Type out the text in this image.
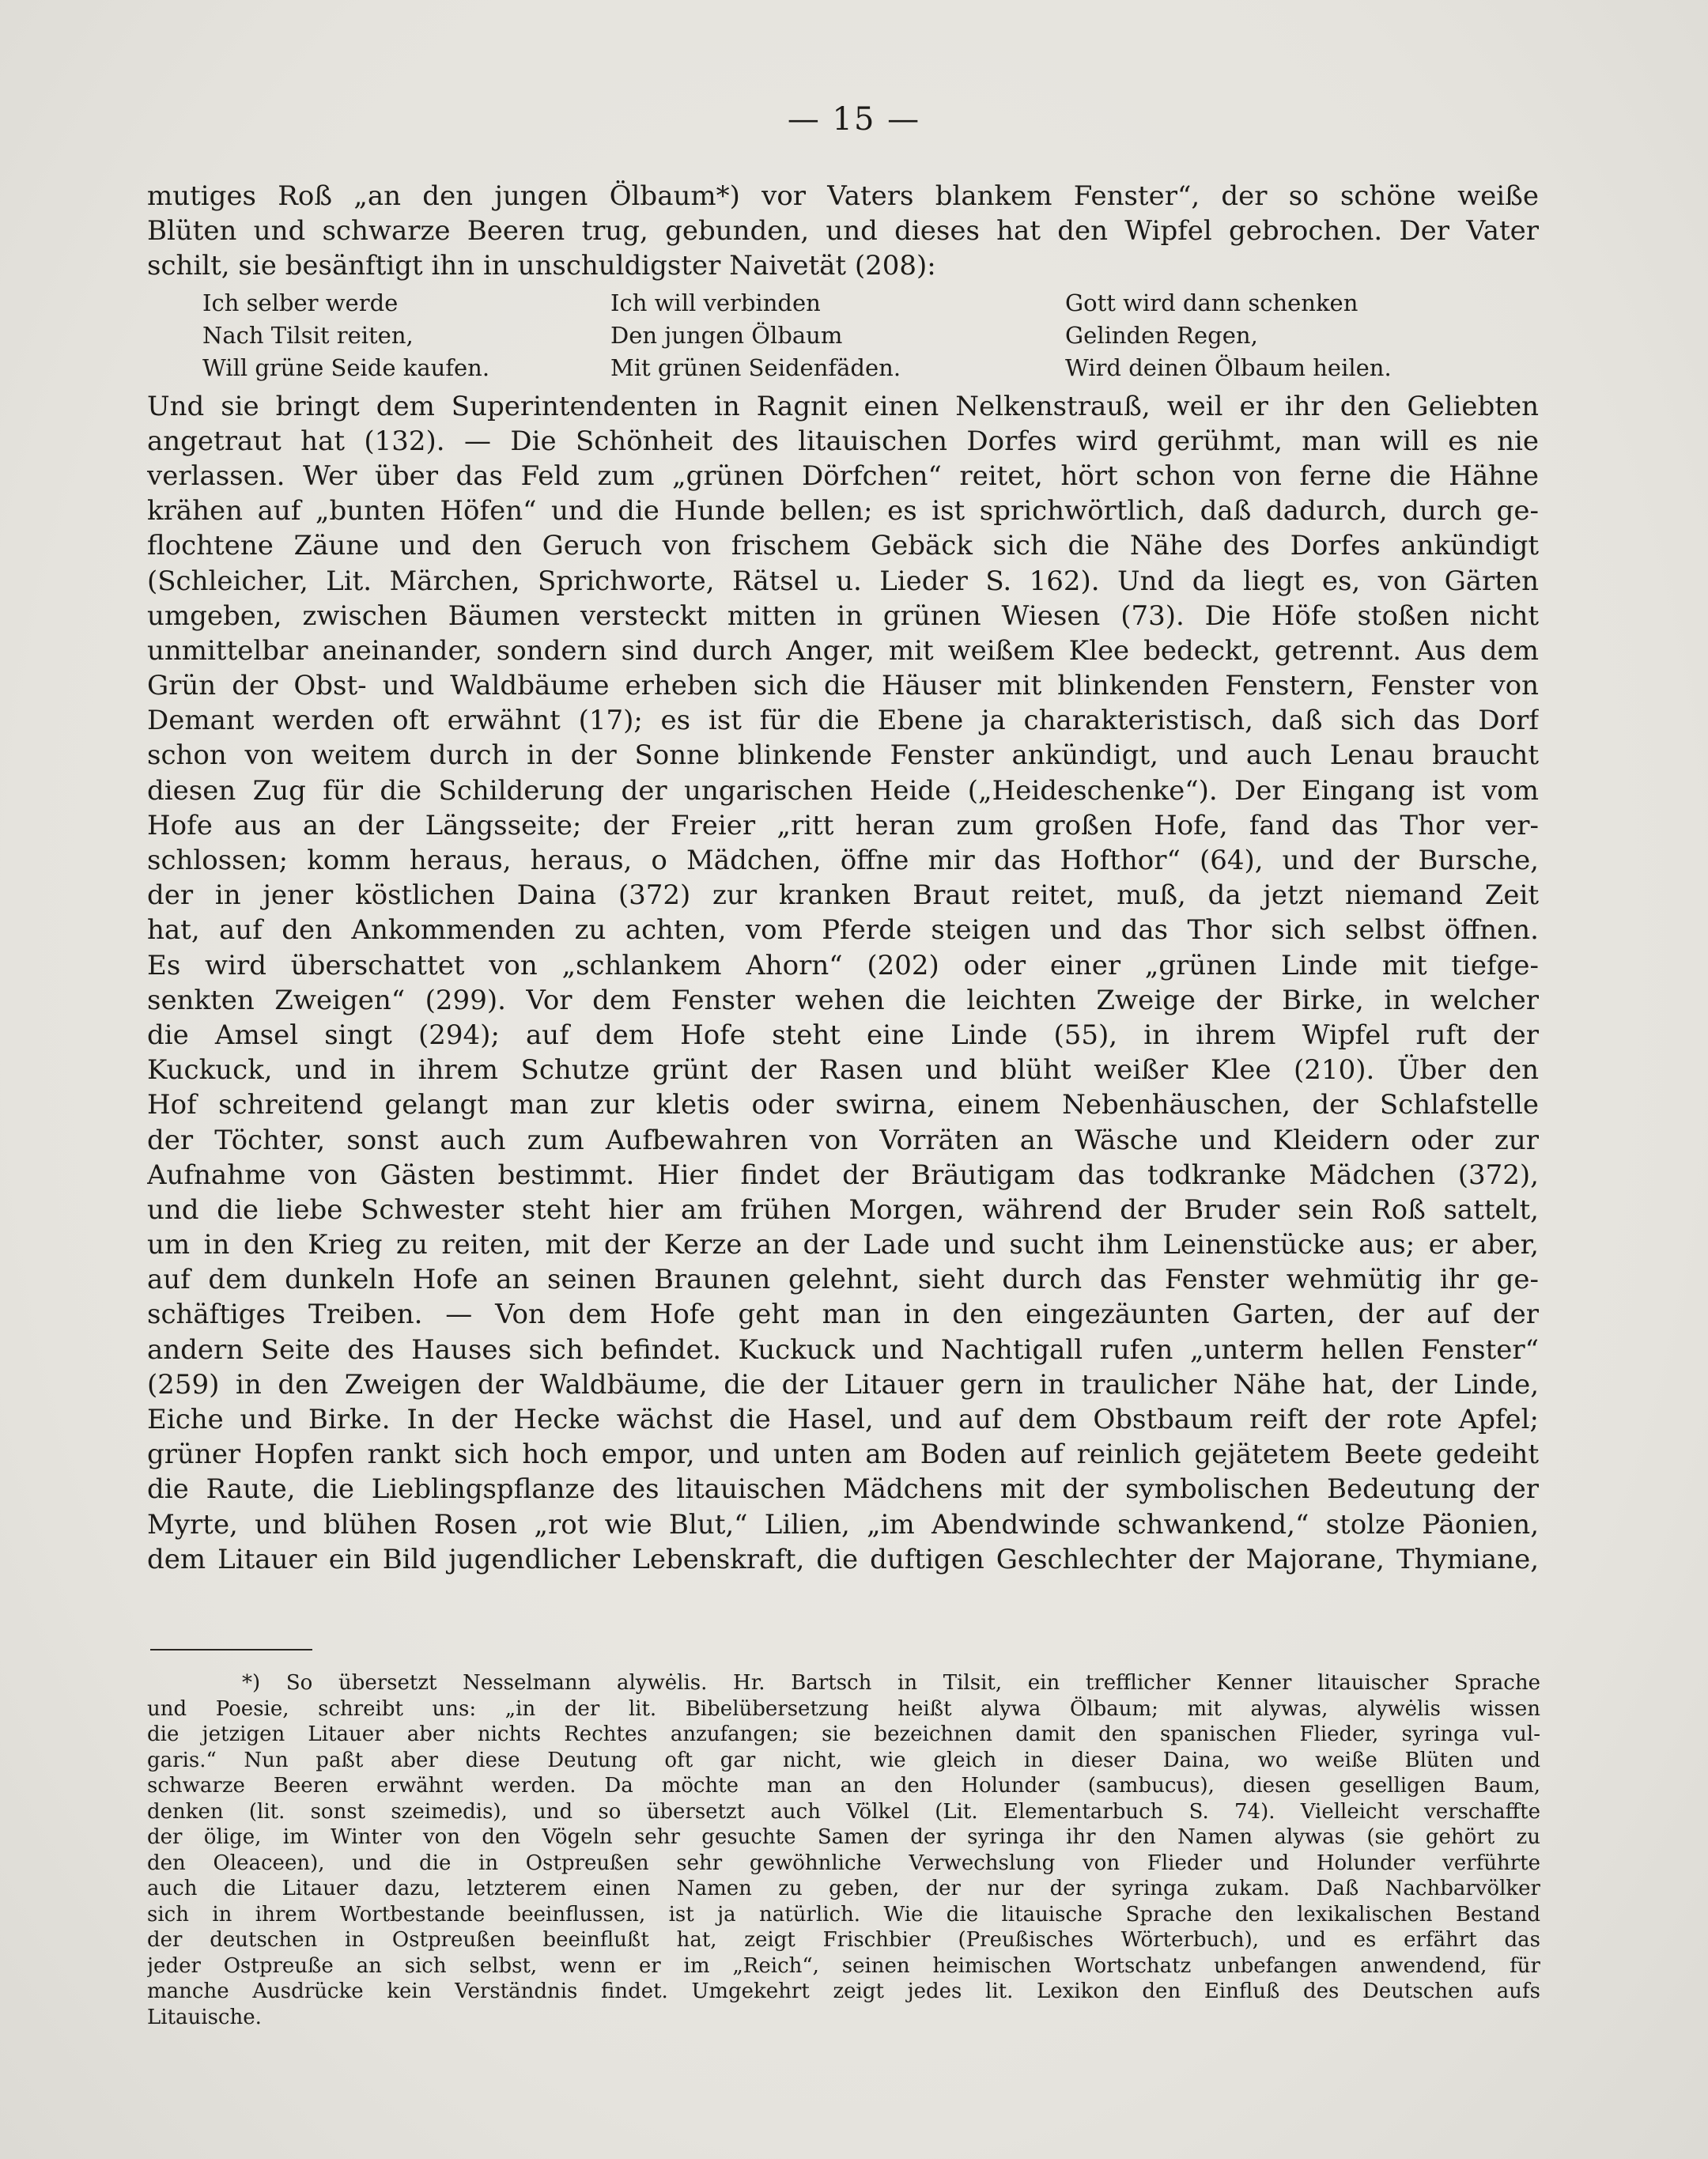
— 15 —
mutiges Roß „an den jungen Ölbaum*) vor Vaters blankem Fenster“, der so schöne weiße
Blüten und schwarze Beeren trug, gebunden, und dieses hat den Wipfel gebrochen. Der Vater
schilt, sie besänftigt ihn in unschuldigster Naivetät (208):
Ich selber werde	Ich will verbinden	Gott wird dann schenken
Nach Tilsit reiten,	Den jungen Ölbaum	Gelinden Regen,
Will grüne Seide kaufen.	Mit grünen Seidenfäden.	Wird deinen Ölbaum heilen.
Und sie bringt dem Superintendenten in Ragnit einen Nelkenstrauß, weil er ihr den Geliebten
angetraut hat (132). — Die Schönheit des litauischen Dorfes wird gerühmt, man will es nie
verlassen. Wer über das Feld zum „grünen Dörfchen“ reitet, hört schon von ferne die Hähne
krähen auf „bunten Höfen“ und die Hunde bellen; es ist sprichwörtlich, daß dadurch, durch ge-
flochtene Zäune und den Geruch von frischem Gebäck sich die Nähe des Dorfes ankündigt
(Schleicher, Lit. Märchen, Sprichworte, Rätsel u. Lieder S. 162). Und da liegt es, von Gärten
umgeben, zwischen Bäumen versteckt mitten in grünen Wiesen (73). Die Höfe stoßen nicht
unmittelbar aneinander, sondern sind durch Anger, mit weißem Klee bedeckt, getrennt. Aus dem
Grün der Obst- und Waldbäume erheben sich die Häuser mit blinkenden Fenstern, Fenster von
Demant werden oft erwähnt (17); es ist für die Ebene ja charakteristisch, daß sich das Dorf
schon von weitem durch in der Sonne blinkende Fenster ankündigt, und auch Lenau braucht
diesen Zug für die Schilderung der ungarischen Heide („Heideschenke“). Der Eingang ist vom
Hofe aus an der Längsseite; der Freier „ritt heran zum großen Hofe, fand das Thor ver-
schlossen; komm heraus, heraus, o Mädchen, öffne mir das Hofthor“ (64), und der Bursche,
der in jener köstlichen Daina (372) zur kranken Braut reitet, muß, da jetzt niemand Zeit
hat, auf den Ankommenden zu achten, vom Pferde steigen und das Thor sich selbst öffnen.
Es wird überschattet von „schlankem Ahorn“ (202) oder einer „grünen Linde mit tiefge-
senkten Zweigen“ (299). Vor dem Fenster wehen die leichten Zweige der Birke, in welcher
die Amsel singt (294); auf dem Hofe steht eine Linde (55), in ihrem Wipfel ruft der
Kuckuck, und in ihrem Schutze grünt der Rasen und blüht weißer Klee (210). Über den
Hof schreitend gelangt man zur kletis oder swirna, einem Nebenhäuschen, der Schlafstelle
der Töchter, sonst auch zum Aufbewahren von Vorräten an Wäsche und Kleidern oder zur
Aufnahme von Gästen bestimmt. Hier findet der Bräutigam das todkranke Mädchen (372),
und die liebe Schwester steht hier am frühen Morgen, während der Bruder sein Roß sattelt,
um in den Krieg zu reiten, mit der Kerze an der Lade und sucht ihm Leinenstücke aus; er aber,
auf dem dunkeln Hofe an seinen Braunen gelehnt, sieht durch das Fenster wehmütig ihr ge-
schäftiges Treiben. — Von dem Hofe geht man in den eingezäunten Garten, der auf der
andern Seite des Hauses sich befindet. Kuckuck und Nachtigall rufen „unterm hellen Fenster“
(259) in den Zweigen der Waldbäume, die der Litauer gern in traulicher Nähe hat, der Linde,
Eiche und Birke. In der Hecke wächst die Hasel, und auf dem Obstbaum reift der rote Apfel;
grüner Hopfen rankt sich hoch empor, und unten am Boden auf reinlich gejätetem Beete gedeiht
die Raute, die Lieblingspflanze des litauischen Mädchens mit der symbolischen Bedeutung der
Myrte, und blühen Rosen „rot wie Blut,“ Lilien, „im Abendwinde schwankend,“ stolze Päonien,
dem Litauer ein Bild jugendlicher Lebenskraft, die duftigen Geschlechter der Majorane, Thymiane,
*) So übersetzt Nesselmann alywėlis. Hr. Bartsch in Tilsit, ein trefflicher Kenner litauischer Sprache
und Poesie, schreibt uns: „in der lit. Bibelübersetzung heißt alywa Ölbaum; mit alywas, alywėlis wissen
die jetzigen Litauer aber nichts Rechtes anzufangen; sie bezeichnen damit den spanischen Flieder, syringa vul-
garis.“ Nun paßt aber diese Deutung oft gar nicht, wie gleich in dieser Daina, wo weiße Blüten und
schwarze Beeren erwähnt werden. Da möchte man an den Holunder (sambucus), diesen geselligen Baum,
denken (lit. sonst szeimedis), und so übersetzt auch Völkel (Lit. Elementarbuch S. 74). Vielleicht verschaffte
der ölige, im Winter von den Vögeln sehr gesuchte Samen der syringa ihr den Namen alywas (sie gehört zu
den Oleaceen), und die in Ostpreußen sehr gewöhnliche Verwechslung von Flieder und Holunder verführte
auch die Litauer dazu, letzterem einen Namen zu geben, der nur der syringa zukam. Daß Nachbarvölker
sich in ihrem Wortbestande beeinflussen, ist ja natürlich. Wie die litauische Sprache den lexikalischen Bestand
der deutschen in Ostpreußen beeinflußt hat, zeigt Frischbier (Preußisches Wörterbuch), und es erfährt das
jeder Ostpreuße an sich selbst, wenn er im „Reich“, seinen heimischen Wortschatz unbefangen anwendend, für
manche Ausdrücke kein Verständnis findet. Umgekehrt zeigt jedes lit. Lexikon den Einfluß des Deutschen aufs
Litauische.
